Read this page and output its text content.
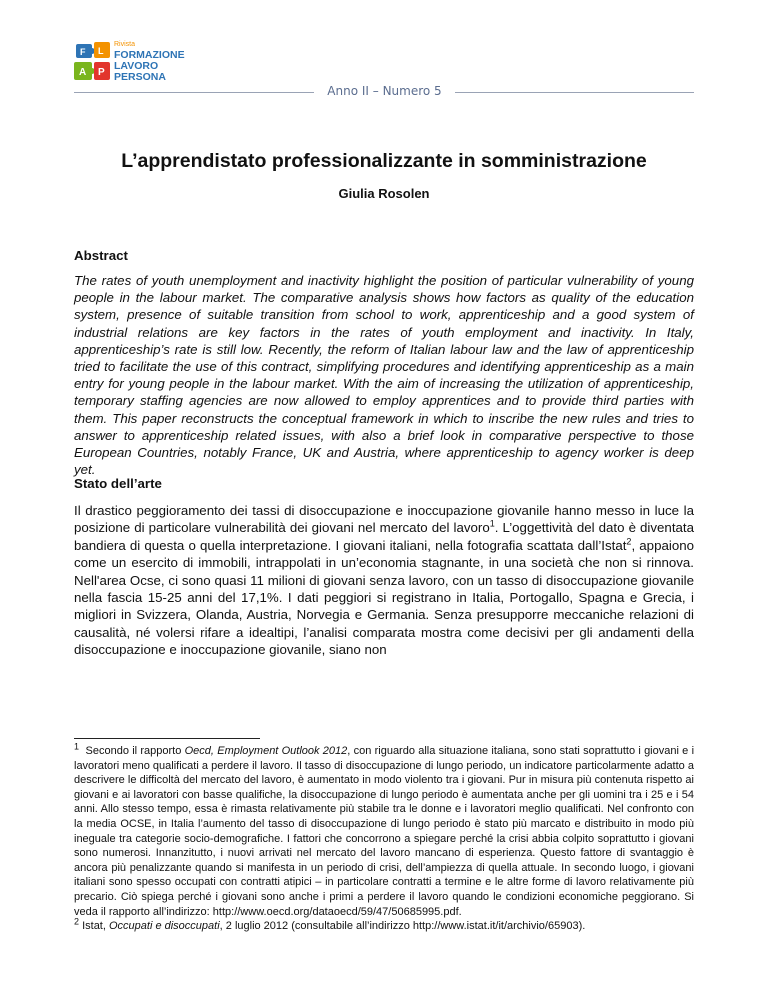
F L
A P
Rivista
FORMAZIONE
LAVORO
PERSONA
Anno II – Numero 5
L’apprendistato professionalizzante in somministrazione

Giulia Rosolen

Abstract

The rates of youth unemployment and inactivity highlight the position of particular vulnerability of young people in the labour market. The comparative analysis shows how factors as quality of the education system, presence of suitable transition from school to work, apprenticeship and a good system of industrial relations are key factors in the rates of youth employment and inactivity. In Italy, apprenticeship’s rate is still low. Recently, the reform of Italian labour law and the law of apprenticeship tried to facilitate the use of this contract, simplifying procedures and identifying apprenticeship as a main entry for young people in the labour market. With the aim of increasing the utilization of apprenticeship, temporary staffing agencies are now allowed to employ apprentices and to provide third parties with them. This paper reconstructs the conceptual framework in which to inscribe the new rules and tries to answer to apprenticeship related issues, with also a brief look in comparative perspective to those European Countries, notably France, UK and Austria, where apprenticeship to agency worker is deep yet.

Stato dell’arte

Il drastico peggioramento dei tassi di disoccupazione e inoccupazione giovanile hanno messo in luce la posizione di particolare vulnerabilità dei giovani nel mercato del lavoro$^1$. L’oggettività del dato è diventata bandiera di questa o quella interpretazione. I giovani italiani, nella fotografia scattata dall’Istat$^2$, appaiono come un esercito di immobili, intrappolati in un’economia stagnante, in una società che non si rinnova. Nell'area Ocse, ci sono quasi 11 milioni di giovani senza lavoro, con un tasso di disoccupazione giovanile nella fascia 15-25 anni del 17,1%. I dati peggiori si registrano in Italia, Portogallo, Spagna e Grecia, i migliori in Svizzera, Olanda, Austria, Norvegia e Germania. Senza presupporre meccaniche relazioni di causalità, né volersi rifare a idealtipi, l’analisi comparata mostra come decisivi per gli andamenti della disoccupazione e inoccupazione giovanile, siano non

$^1$ Secondo il rapporto Oecd, Employment Outlook 2012, con riguardo alla situazione italiana, sono stati soprattutto i giovani e i lavoratori meno qualificati a perdere il lavoro. Il tasso di disoccupazione di lungo periodo, un indicatore particolarmente adatto a descrivere le difficoltà del mercato del lavoro, è aumentato in modo violento tra i giovani. Pur in misura più contenuta rispetto ai giovani e ai lavoratori con basse qualifiche, la disoccupazione di lungo periodo è aumentata anche per gli uomini tra i 25 e i 54 anni. Allo stesso tempo, essa è rimasta relativamente più stabile tra le donne e i lavoratori meglio qualificati. Nel confronto con la media OCSE, in Italia l’aumento del tasso di disoccupazione di lungo periodo è stato più marcato e distribuito in modo più ineguale tra categorie socio-demografiche. I fattori che concorrono a spiegare perché la crisi abbia colpito soprattutto i giovani sono numerosi. Innanzitutto, i nuovi arrivati nel mercato del lavoro mancano di esperienza. Questo fattore di svantaggio è ancora più penalizzante quando si manifesta in un periodo di crisi, dell’ampiezza di quella attuale. In secondo luogo, i giovani italiani sono spesso occupati con contratti atipici – in particolare contratti a termine e le altre forme di lavoro relativamente più precario. Ciò spiega perché i giovani sono anche i primi a perdere il lavoro quando le condizioni economiche peggiorano. Si veda il rapporto all’indirizzo: http://www.oecd.org/dataoecd/59/47/50685995.pdf.

$^2$ Istat, Occupati e disoccupati, 2 luglio 2012 (consultabile all’indirizzo http://www.istat.it/it/archivio/65903).
